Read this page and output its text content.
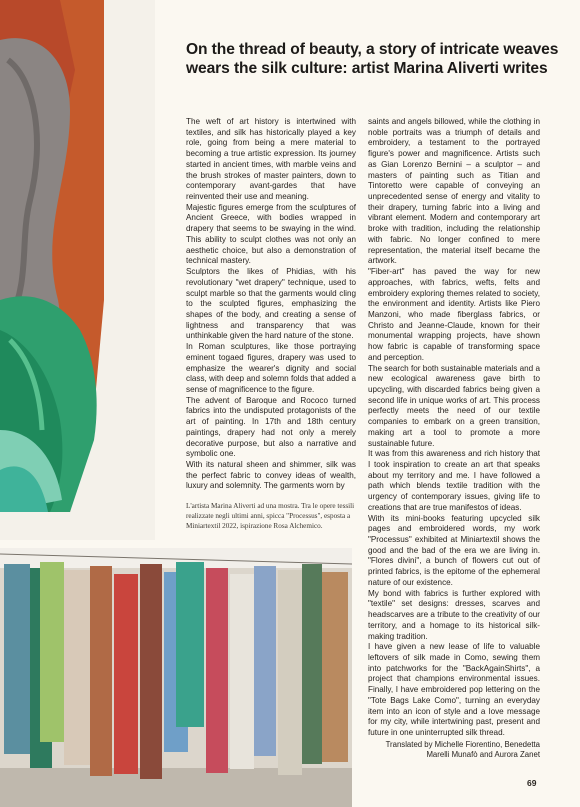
L'artista Marina Aliverti ad una mostra. Tra le opere tessili realizzate negli ultimi anni, spicca "Processus", esposta a Miniartextil 2022, ispirazione Rosa Alchemico.

On the thread of beauty, a story of intricate weaves wears the silk culture: artist Marina Aliverti writes

The weft of art history is intertwined with textiles, and silk has historically played a key role, going from being a mere material to becoming a true artistic expression. Its journey started in ancient times, with marble veins and the brush strokes of master painters, down to contemporary avant-gardes that have reinvented their use and meaning.

Majestic figures emerge from the sculptures of Ancient Greece, with bodies wrapped in drapery that seems to be swaying in the wind. This ability to sculpt clothes was not only an aesthetic choice, but also a demonstration of technical mastery.

Sculptors the likes of Phidias, with his revolutionary "wet drapery" technique, used to sculpt marble so that the garments would cling to the sculpted figures, emphasizing the shapes of the body, and creating a sense of lightness and transparency that was unthinkable given the hard nature of the stone.

In Roman sculptures, like those portraying eminent togaed figures, drapery was used to emphasize the wearer's dignity and social class, with deep and solemn folds that added a sense of magnificence to the figure.

The advent of Baroque and Rococo turned fabrics into the undisputed protagonists of the art of painting. In 17th and 18th century paintings, drapery had not only a merely decorative purpose, but also a narrative and symbolic one.

With its natural sheen and shimmer, silk was the perfect fabric to convey ideas of wealth, luxury and solemnity. The garments worn by

saints and angels billowed, while the clothing in noble portraits was a triumph of details and embroidery, a testament to the portrayed figure's power and magnificence. Artists such as Gian Lorenzo Bernini – a sculptor – and masters of painting such as Titian and Tintoretto were capable of conveying an unprecedented sense of energy and vitality to their drapery, turning fabric into a living and vibrant element. Modern and contemporary art broke with tradition, including the relationship with fabric. No longer confined to mere representation, the material itself became the artwork.

"Fiber-art" has paved the way for new approaches, with fabrics, wefts, felts and embroidery exploring themes related to society, the environment and identity. Artists like Piero Manzoni, who made fiberglass fabrics, or Christo and Jeanne-Claude, known for their monumental wrapping projects, have shown how fabric is capable of transforming space and perception.

The search for both sustainable materials and a new ecological awareness gave birth to upcycling, with discarded fabrics being given a second life in unique works of art. This process perfectly meets the need of our textile companies to embark on a green transition, making art a tool to promote a more sustainable future.

It was from this awareness and rich history that I took inspiration to create an art that speaks about my territory and me. I have followed a path which blends textile tradition with the urgency of contemporary issues, giving life to creations that are true manifestos of ideas.

With its mini-books featuring upcycled silk pages and embroidered words, my work "Processus" exhibited at Miniartextil shows the good and the bad of the era we are living in. "Flores divini", a bunch of flowers cut out of printed fabrics, is the epitome of the ephemeral nature of our existence.

My bond with fabrics is further explored with "textile" set designs: dresses, scarves and headscarves are a tribute to the creativity of our territory, and a homage to its historical silk-making tradition.

I have given a new lease of life to valuable leftovers of silk made in Como, sewing them into patchworks for the "BackAgainShirts", a project that champions environmental issues. Finally, I have embroidered pop lettering on the "Tote Bags Lake Como", turning an everyday item into an icon of style and a love message for my city, while intertwining past, present and future in one uninterrupted silk thread.

Translated by Michelle Fiorentino, Benedetta Marelli Munafò and Aurora Zanet

69
